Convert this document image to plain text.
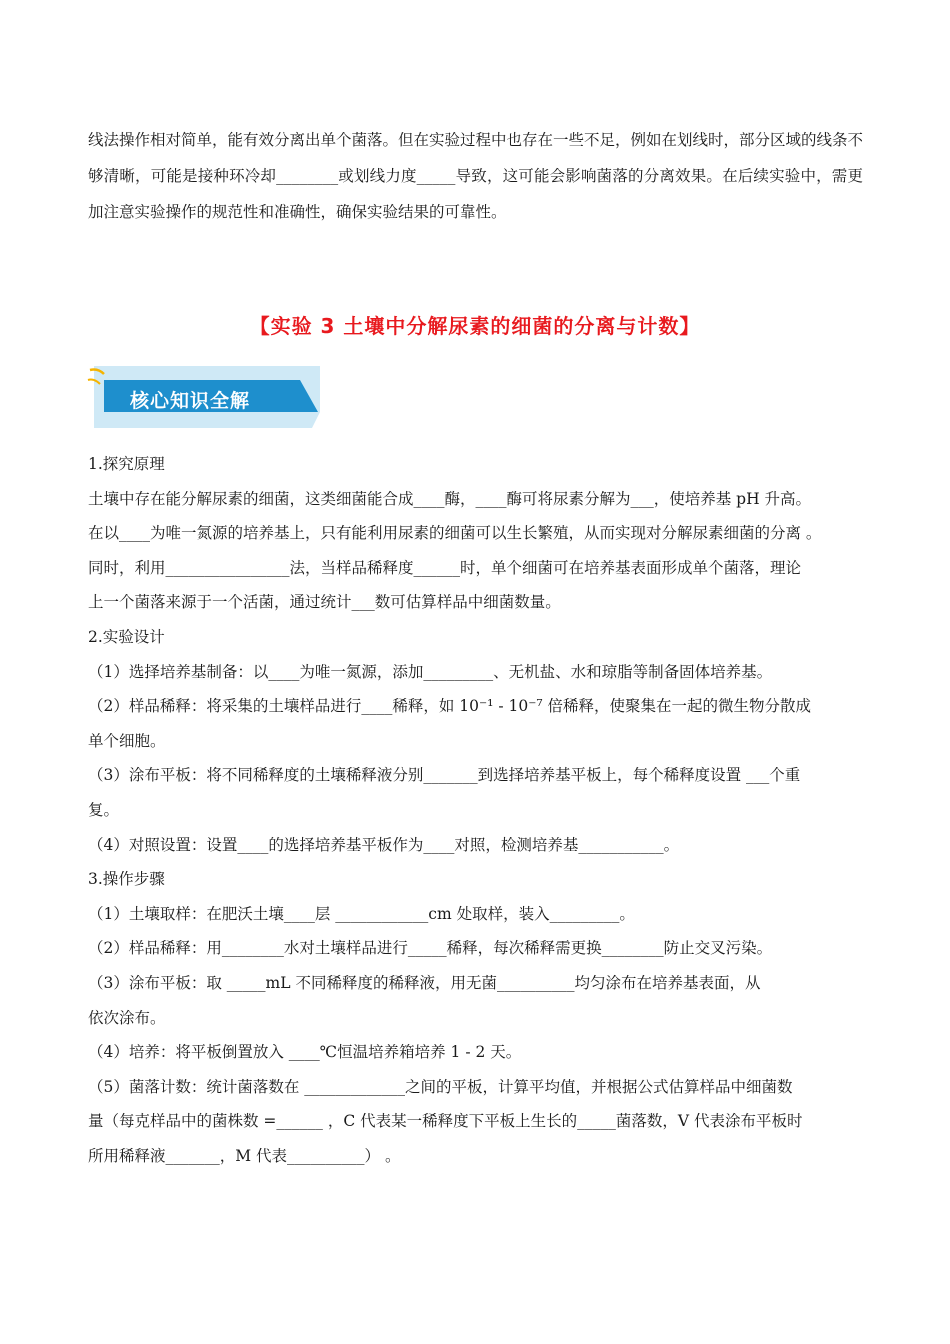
线法操作相对简单，能有效分离出单个菌落。但在实验过程中也存在一些不足，例如在划线时，部分区域的线条不够清晰，可能是接种环冷却________或划线力度_____导致，这可能会影响菌落的分离效果。在后续实验中，需更加注意实验操作的规范性和准确性，确保实验结果的可靠性。
【实验 3 土壤中分解尿素的细菌的分离与计数】
核心知识全解
1.探究原理
土壤中存在能分解尿素的细菌，这类细菌能合成____酶，____酶可将尿素分解为___，使培养基 pH 升高。
在以____为唯一氮源的培养基上，只有能利用尿素的细菌可以生长繁殖，从而实现对分解尿素细菌的分离 。
同时，利用________________法，当样品稀释度______时，单个细菌可在培养基表面形成单个菌落，理论
上一个菌落来源于一个活菌，通过统计___数可估算样品中细菌数量。
2.实验设计
（1）选择培养基制备：以____为唯一氮源，添加_________、无机盐、水和琼脂等制备固体培养基。
（2）样品稀释：将采集的土壤样品进行____稀释，如 10⁻¹ - 10⁻⁷ 倍稀释，使聚集在一起的微生物分散成
单个细胞。
（3）涂布平板：将不同稀释度的土壤稀释液分别_______到选择培养基平板上，每个稀释度设置 ___个重
复。
（4）对照设置：设置____的选择培养基平板作为____对照，检测培养基___________。
3.操作步骤
（1）土壤取样：在肥沃土壤____层 ____________cm 处取样，装入_________。
（2）样品稀释：用________水对土壤样品进行_____稀释，每次稀释需更换________防止交叉污染。
（3）涂布平板：取 _____mL 不同稀释度的稀释液，用无菌__________均匀涂布在培养基表面，从
依次涂布。
（4）培养：将平板倒置放入 ____℃恒温培养箱培养 1 - 2 天。
（5）菌落计数：统计菌落数在 _____________之间的平板，计算平均值，并根据公式估算样品中细菌数
量（每克样品中的菌株数 =______ ，C 代表某一稀释度下平板上生长的_____菌落数，V 代表涂布平板时
所用稀释液_______，M 代表__________） 。
